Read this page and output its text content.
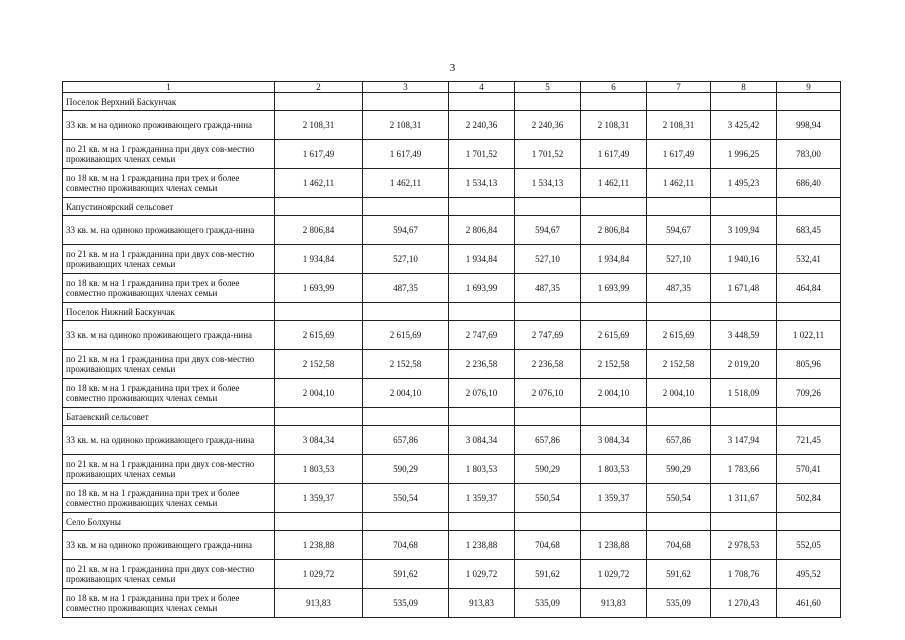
3
1	2	3	4	5	6	7	8	9
Поселок Верхний Баскунчак								
33 кв. м на одиноко проживающего гражда-нина	2 108,31	2 108,31	2 240,36	2 240,36	2 108,31	2 108,31	3 425,42	998,94
по 21 кв. м на 1 гражданина при двух сов-местно проживающих членах семьи	1 617,49	1 617,49	1 701,52	1 701,52	1 617,49	1 617,49	1 996,25	783,00
по 18 кв. м на 1 гражданина при трех и более совместно проживающих членах семьи	1 462,11	1 462,11	1 534,13	1 534,13	1 462,11	1 462,11	1 495,23	686,40
Капустиноярский сельсовет								
33 кв. м. на одиноко проживающего гражда-нина	2 806,84	594,67	2 806,84	594,67	2 806,84	594,67	3 109,94	683,45
по 21 кв. м на 1 гражданина при двух сов-местно проживающих членах семьи	1 934,84	527,10	1 934,84	527,10	1 934,84	527,10	1 940,16	532,41
по 18 кв. м на 1 гражданина при трех и более совместно проживающих членах семьи	1 693,99	487,35	1 693,99	487,35	1 693,99	487,35	1 671,48	464,84
Поселок Нижний Баскунчак								
33 кв. м на одиноко проживающего гражда-нина	2 615,69	2 615,69	2 747,69	2 747,69	2 615,69	2 615,69	3 448,59	1 022,11
по 21 кв. м на 1 гражданина при двух сов-местно проживающих членах семьи	2 152,58	2 152,58	2 236,58	2 236,58	2 152,58	2 152,58	2 019,20	805,96
по 18 кв. м на 1 гражданина при трех и более совместно проживающих членах семьи	2 004,10	2 004,10	2 076,10	2 076,10	2 004,10	2 004,10	1 518,09	709,26
Батаевский сельсовет								
33 кв. м. на одиноко проживающего гражда-нина	3 084,34	657,86	3 084,34	657,86	3 084,34	657,86	3 147,94	721,45
по 21 кв. м на 1 гражданина при двух сов-местно проживающих членах семьи	1 803,53	590,29	1 803,53	590,29	1 803,53	590,29	1 783,66	570,41
по 18 кв. м на 1 гражданина при трех и более совместно проживающих членах семьи	1 359,37	550,54	1 359,37	550,54	1 359,37	550,54	1 311,67	502,84
Село Болхуны								
33 кв. м на одиноко проживающего гражда-нина	1 238,88	704,68	1 238,88	704,68	1 238,88	704,68	2 978,53	552,05
по 21 кв. м на 1 гражданина при двух сов-местно проживающих членах семьи	1 029,72	591,62	1 029,72	591,62	1 029,72	591,62	1 708,76	495,52
по 18 кв. м на 1 гражданина при трех и более совместно проживающих членах семьи	913,83	535,09	913,83	535,09	913,83	535,09	1 270,43	461,60
